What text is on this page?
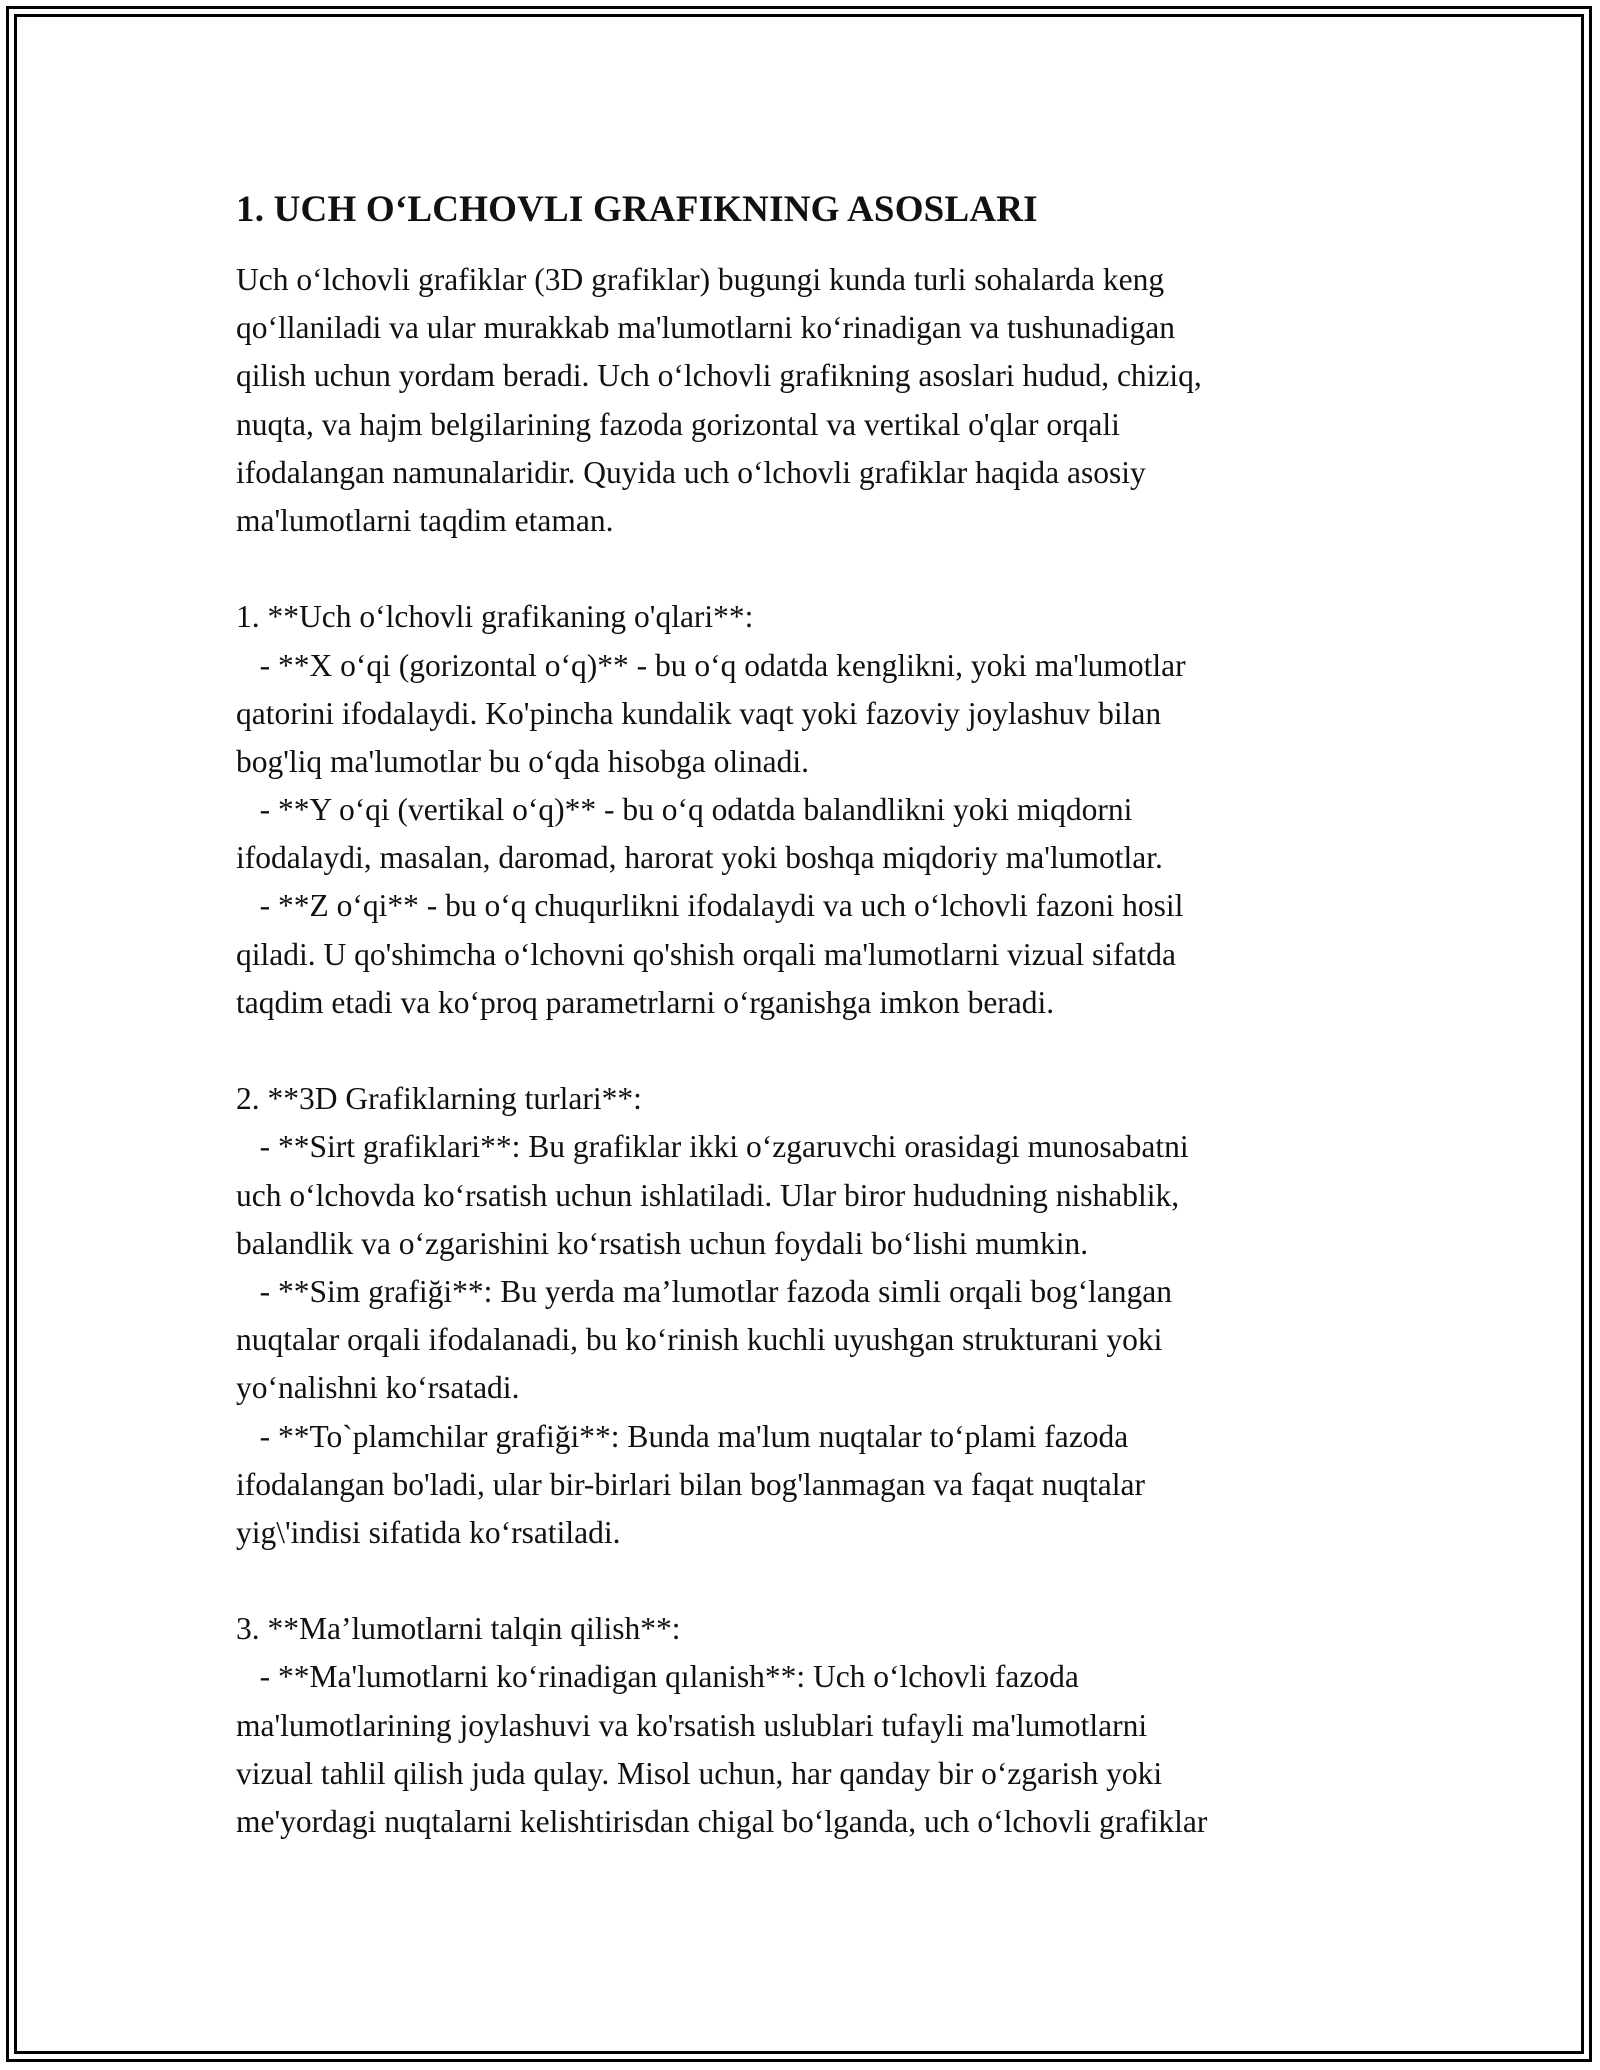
1. UCH O‘LCHOVLI GRAFIKNING ASOSLARI
Uch o‘lchovli grafiklar (3D grafiklar) bugungi kunda turli sohalarda keng
qo‘llaniladi va ular murakkab ma'lumotlarni ko‘rinadigan va tushunadigan
qilish uchun yordam beradi. Uch o‘lchovli grafikning asoslari hudud, chiziq,
nuqta, va hajm belgilarining fazoda gorizontal va vertikal o'qlar orqali
ifodalangan namunalaridir. Quyida uch o‘lchovli grafiklar haqida asosiy
ma'lumotlarni taqdim etaman.
1. **Uch o‘lchovli grafikaning o'qlari**:
- **X o‘qi (gorizontal o‘q)** - bu o‘q odatda kenglikni, yoki ma'lumotlar
qatorini ifodalaydi. Ko'pincha kundalik vaqt yoki fazoviy joylashuv bilan
bog'liq ma'lumotlar bu o‘qda hisobga olinadi.
- **Y o‘qi (vertikal o‘q)** - bu o‘q odatda balandlikni yoki miqdorni
ifodalaydi, masalan, daromad, harorat yoki boshqa miqdoriy ma'lumotlar.
- **Z o‘qi** - bu o‘q chuqurlikni ifodalaydi va uch o‘lchovli fazoni hosil
qiladi. U qo'shimcha o‘lchovni qo'shish orqali ma'lumotlarni vizual sifatda
taqdim etadi va ko‘proq parametrlarni o‘rganishga imkon beradi.
2. **3D Grafiklarning turlari**:
- **Sirt grafiklari**: Bu grafiklar ikki o‘zgaruvchi orasidagi munosabatni
uch o‘lchovda ko‘rsatish uchun ishlatiladi. Ular biror hududning nishablik,
balandlik va o‘zgarishini ko‘rsatish uchun foydali bo‘lishi mumkin.
- **Sim grafiği**: Bu yerda ma’lumotlar fazoda simli orqali bog‘langan
nuqtalar orqali ifodalanadi, bu ko‘rinish kuchli uyushgan strukturani yoki
yo‘nalishni ko‘rsatadi.
- **To`plamchilar grafiği**: Bunda ma'lum nuqtalar to‘plami fazoda
ifodalangan bo'ladi, ular bir-birlari bilan bog'lanmagan va faqat nuqtalar
yig\'indisi sifatida ko‘rsatiladi.
3. **Ma’lumotlarni talqin qilish**:
- **Ma'lumotlarni ko‘rinadigan qılanish**: Uch o‘lchovli fazoda
ma'lumotlarining joylashuvi va ko'rsatish uslublari tufayli ma'lumotlarni
vizual tahlil qilish juda qulay. Misol uchun, har qanday bir o‘zgarish yoki
me'yordagi nuqtalarni kelishtirisdan chigal bo‘lganda, uch o‘lchovli grafiklar
